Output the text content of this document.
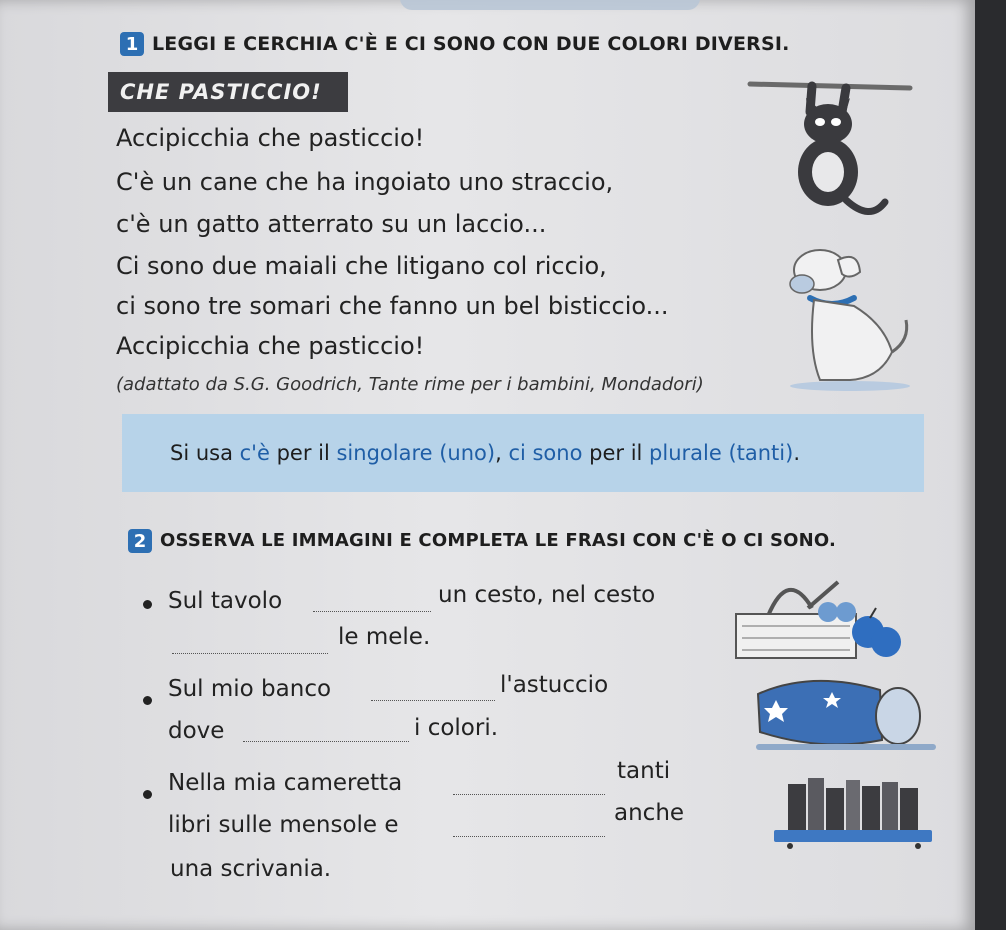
1 LEGGI E CERCHIA C'È E CI SONO CON DUE COLORI DIVERSI.
CHE PASTICCIO!
Accipicchia che pasticcio!
C'è un cane che ha ingoiato uno straccio,
c'è un gatto atterrato su un laccio...
Ci sono due maiali che litigano col riccio,
ci sono tre somari che fanno un bel bisticcio...
Accipicchia che pasticcio!
(adattato da S.G. Goodrich, Tante rime per i bambini, Mondadori)
Si usa c'è per il singolare (uno) , ci sono per il plurale (tanti) .
2 OSSERVA LE IMMAGINI E COMPLETA LE FRASI CON C'È O CI SONO.
Sul tavolo	un cesto, nel cesto
le mele.
Sul mio banco	l'astuccio
dove	i colori.
Nella mia cameretta	tanti
libri sulle mensole e	anche
una scrivania.
